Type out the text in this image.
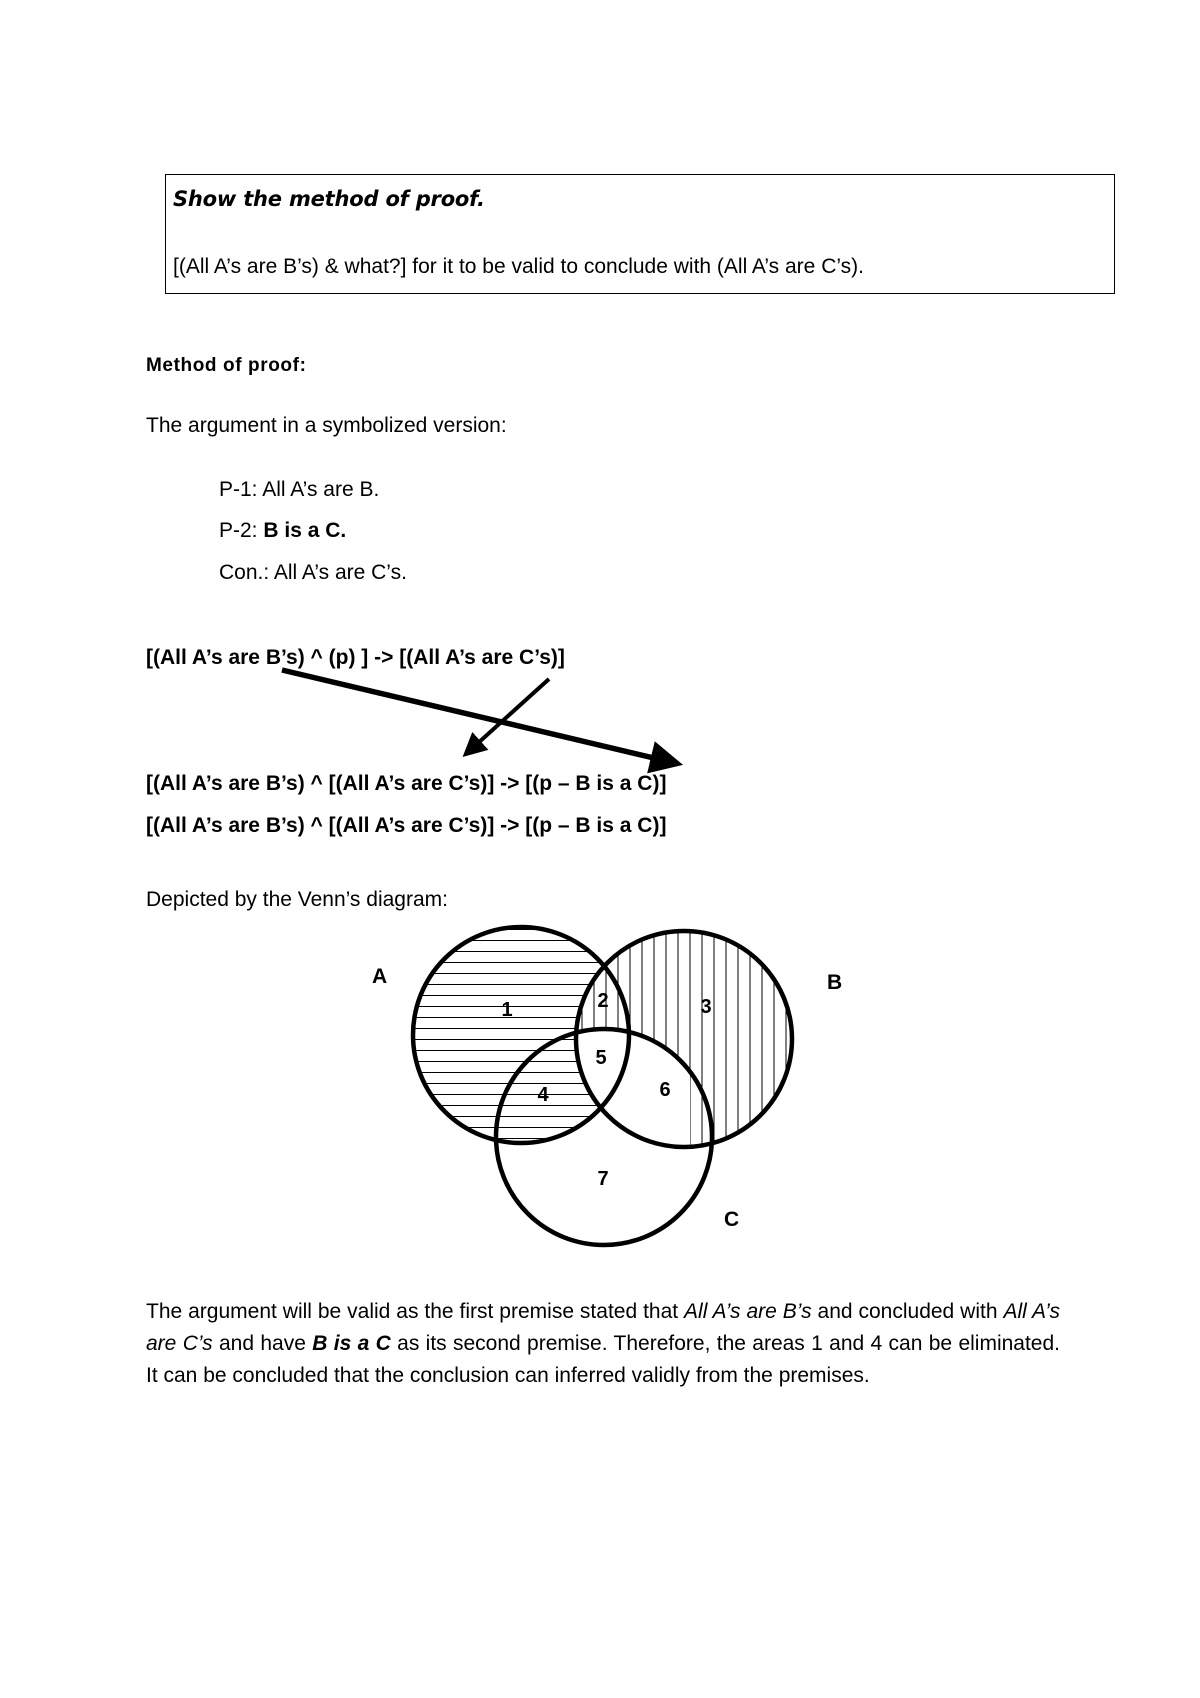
Show the method of proof.
[(All A’s are B’s) & what?] for it to be valid to conclude with (All A’s are C’s).
Method of proof:
The argument in a symbolized version:
P-1: All A’s are B.
P-2: B is a C.
Con.: All A’s are C’s.
[(All A’s are B’s) ^ (p) ] -> [(All A’s are C’s)]
[(All A’s are B’s) ^ [(All A’s are C’s)] -> [(p – B is a C)]
[(All A’s are B’s) ^ [(All A’s are C’s)] -> [(p – B is a C)]
Depicted by the Venn’s diagram:
A	B
C
1	2	3
4
5
6
7
The argument will be valid as the first premise stated that All A’s are B’s and concluded with All A’s are C’s and have B is a C as its second premise. Therefore, the areas 1 and 4 can be eliminated. It can be concluded that the conclusion can inferred validly from the premises.
